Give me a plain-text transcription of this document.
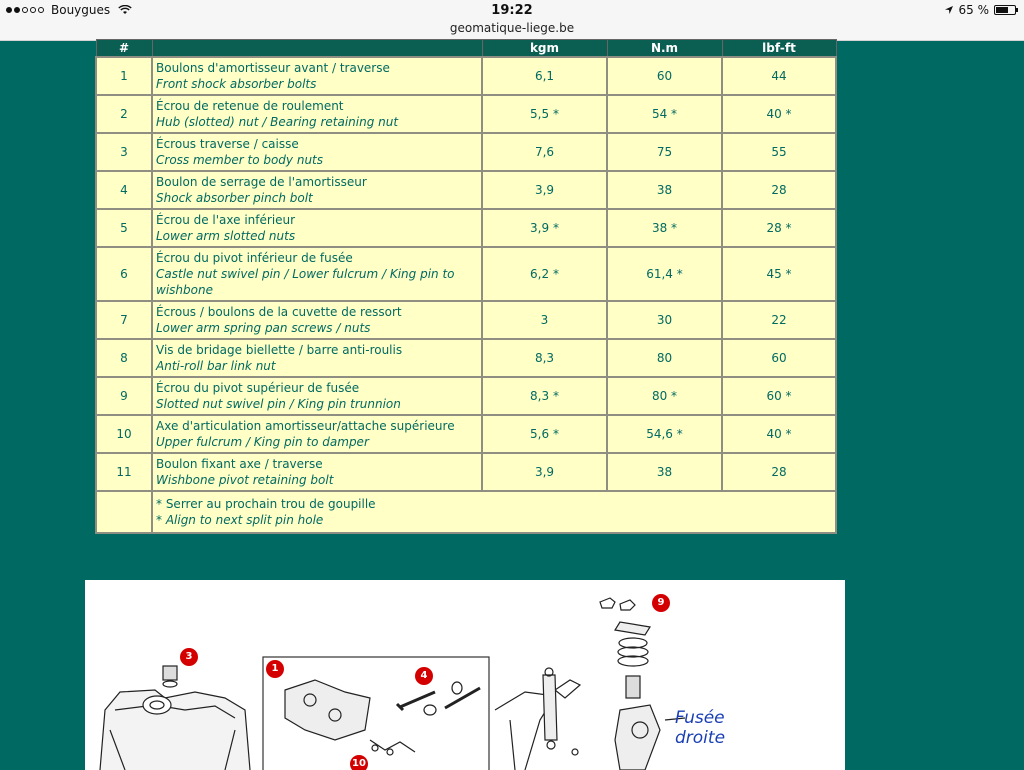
Bouygues	19:22	65 %
geomatique-liege.be
#		kgm	N.m	lbf-ft
1	Boulons d'amortisseur avant / traverse
Front shock absorber bolts	6,1	60	44
2	Écrou de retenue de roulement
Hub (slotted) nut / Bearing retaining nut	5,5 *	54 *	40 *
3	Écrous traverse / caisse
Cross member to body nuts	7,6	75	55
4	Boulon de serrage de l'amortisseur
Shock absorber pinch bolt	3,9	38	28
5	Écrou de l'axe inférieur
Lower arm slotted nuts	3,9 *	38 *	28 *
6	Écrou du pivot inférieur de fusée
Castle nut swivel pin / Lower fulcrum / King pin to wishbone	6,2 *	61,4 *	45 *
7	Écrous / boulons de la cuvette de ressort
Lower arm spring pan screws / nuts	3	30	22
8	Vis de bridage biellette / barre anti-roulis
Anti-roll bar link nut	8,3	80	60
9	Écrou du pivot supérieur de fusée
Slotted nut swivel pin / King pin trunnion	8,3 *	80 *	60 *
10	Axe d'articulation amortisseur/attache supérieure
Upper fulcrum / King pin to damper	5,6 *	54,6 *	40 *
11	Boulon fixant axe / traverse
Wishbone pivot retaining bolt	3,9	38	28

	* Serrer au prochain trou de goupille
* Align to next split pin hole			
3
1
4
9
10
Fusée
droite
